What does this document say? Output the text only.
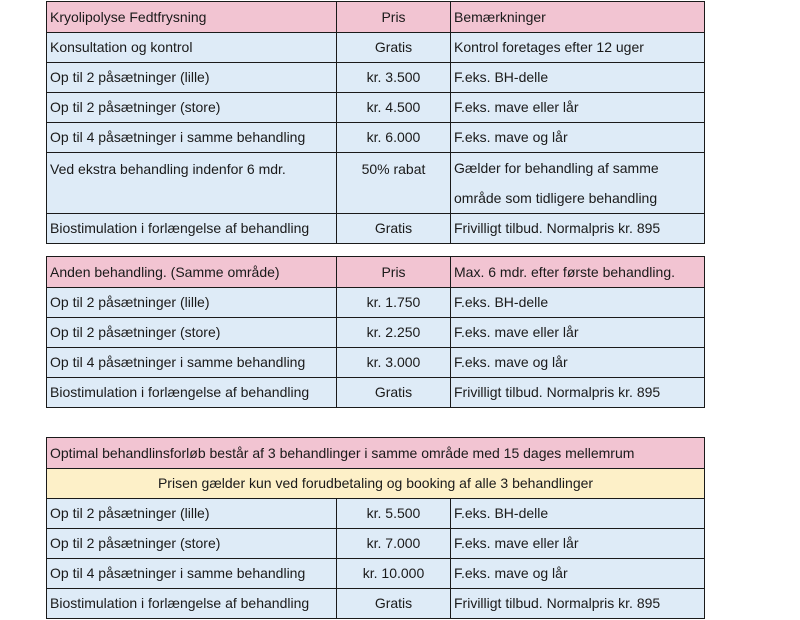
Kryolipolyse Fedtfrysning	Pris	Bemærkninger
Konsultation og kontrol	Gratis	Kontrol foretages efter 12 uger
Op til 2 påsætninger (lille)	kr. 3.500	F.eks. BH-delle
Op til 2 påsætninger (store)	kr. 4.500	F.eks. mave eller lår
Op til 4 påsætninger i samme behandling	kr. 6.000	F.eks. mave og lår
Ved ekstra behandling indenfor 6 mdr.	50% rabat	Gælder for behandling af samme område som tidligere behandling

Biostimulation i forlængelse af behandling	Gratis	Frivilligt tilbud. Normalpris kr. 895
Anden behandling. (Samme område)	Pris	Max. 6 mdr. efter første behandling.
Op til 2 påsætninger (lille)	kr. 1.750	F.eks. BH-delle
Op til 2 påsætninger (store)	kr. 2.250	F.eks. mave eller lår
Op til 4 påsætninger i samme behandling	kr. 3.000	F.eks. mave og lår
Biostimulation i forlængelse af behandling	Gratis	Frivilligt tilbud. Normalpris kr. 895
Optimal behandlinsforløb består af 3 behandlinger i samme område med 15 dages mellemrum		
Prisen gælder kun ved forudbetaling og booking af alle 3 behandlinger		
Op til 2 påsætninger (lille)	kr. 5.500	F.eks. BH-delle
Op til 2 påsætninger (store)	kr. 7.000	F.eks. mave eller lår
Op til 4 påsætninger i samme behandling	kr. 10.000	F.eks. mave og lår
Biostimulation i forlængelse af behandling	Gratis	Frivilligt tilbud. Normalpris kr. 895
